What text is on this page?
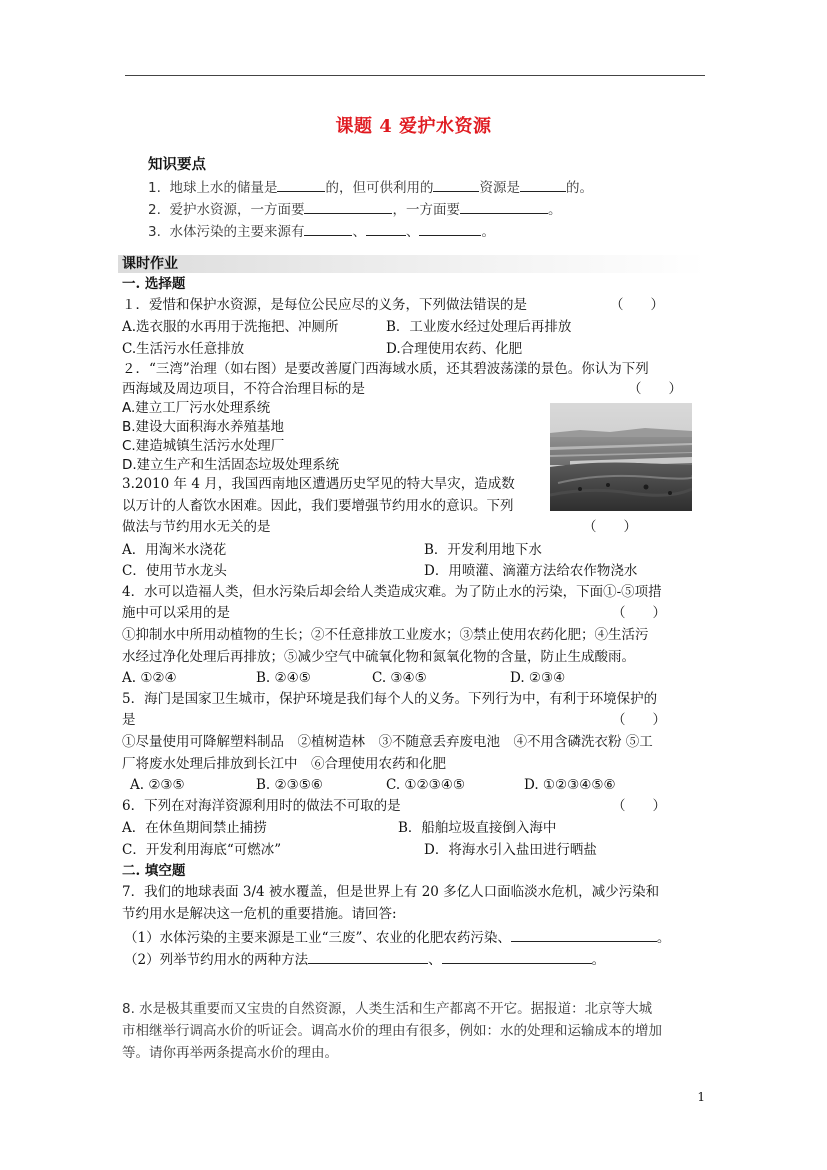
课题 4 爱护水资源
知识要点
1. 地球上水的储量是	的，但可供利用的	资源是	的。
2. 爱护水资源，一方面要	，一方面要	。
3. 水体污染的主要来源有	、	、	。
课时作业
一. 选择题
１．爱惜和保护水资源，是每位公民应尽的义务，下列做法错误的是	（　　）
A.选衣服的水再用于洗拖把、冲厕所	B．工业废水经过处理后再排放
C.生活污水任意排放	D.合理使用农药、化肥
２．“三湾”治理（如右图）是要改善厦门西海域水质，还其碧波荡漾的景色。你认为下列
西海域及周边项目，不符合治理目标的是	（　　）
A.建立工厂污水处理系统
B.建设大面积海水养殖基地
C.建造城镇生活污水处理厂
D.建立生产和生活固态垃圾处理系统
3.2010 年 4 月，我国西南地区遭遇历史罕见的特大旱灾，造成数
以万计的人畜饮水困难。因此，我们要增强节约用水的意识。下列
做法与节约用水无关的是	（　　）
A．用淘米水浇花	B．开发利用地下水
C．使用节水龙头	D．用喷灌、滴灌方法给农作物浇水
4．水可以造福人类，但水污染后却会给人类造成灾难。为了防止水的污染，下面①-⑤项措
施中可以采用的是	（　　）
①抑制水中所用动植物的生长；②不任意排放工业废水；③禁止使用农药化肥；④生活污
水经过净化处理后再排放；⑤减少空气中硫氧化物和氮氧化物的含量，防止生成酸雨。
A. ①②④	B. ②④⑤	C. ③④⑤	D. ②③④
5．海门是国家卫生城市，保护环境是我们每个人的义务。下列行为中，有利于环境保护的
是	（　　）
①尽量使用可降解塑料制品　②植树造林　③不随意丢弃废电池　④不用含磷洗衣粉 ⑤工
厂将废水处理后排放到长江中　⑥合理使用农药和化肥
A. ②③⑤	B. ②③⑤⑥	C. ①②③④⑤	D. ①②③④⑤⑥
6．下列在对海洋资源利用时的做法不可取的是	（　　）
A．在休鱼期间禁止捕捞	B．船舶垃圾直接倒入海中
C．开发利用海底“可燃冰”	D．将海水引入盐田进行晒盐
二. 填空题
7．我们的地球表面 3/4 被水覆盖，但是世界上有 20 多亿人口面临淡水危机，减少污染和
节约用水是解决这一危机的重要措施。请回答:
（1）水体污染的主要来源是工业“三废”、农业的化肥农药污染、	。
（2）列举节约用水的两种方法	、	。
8. 水是极其重要而又宝贵的自然资源，人类生活和生产都离不开它。据报道：北京等大城
市相继举行调高水价的听证会。调高水价的理由有很多，例如：水的处理和运输成本的增加
等。请你再举两条提高水价的理由。
1
